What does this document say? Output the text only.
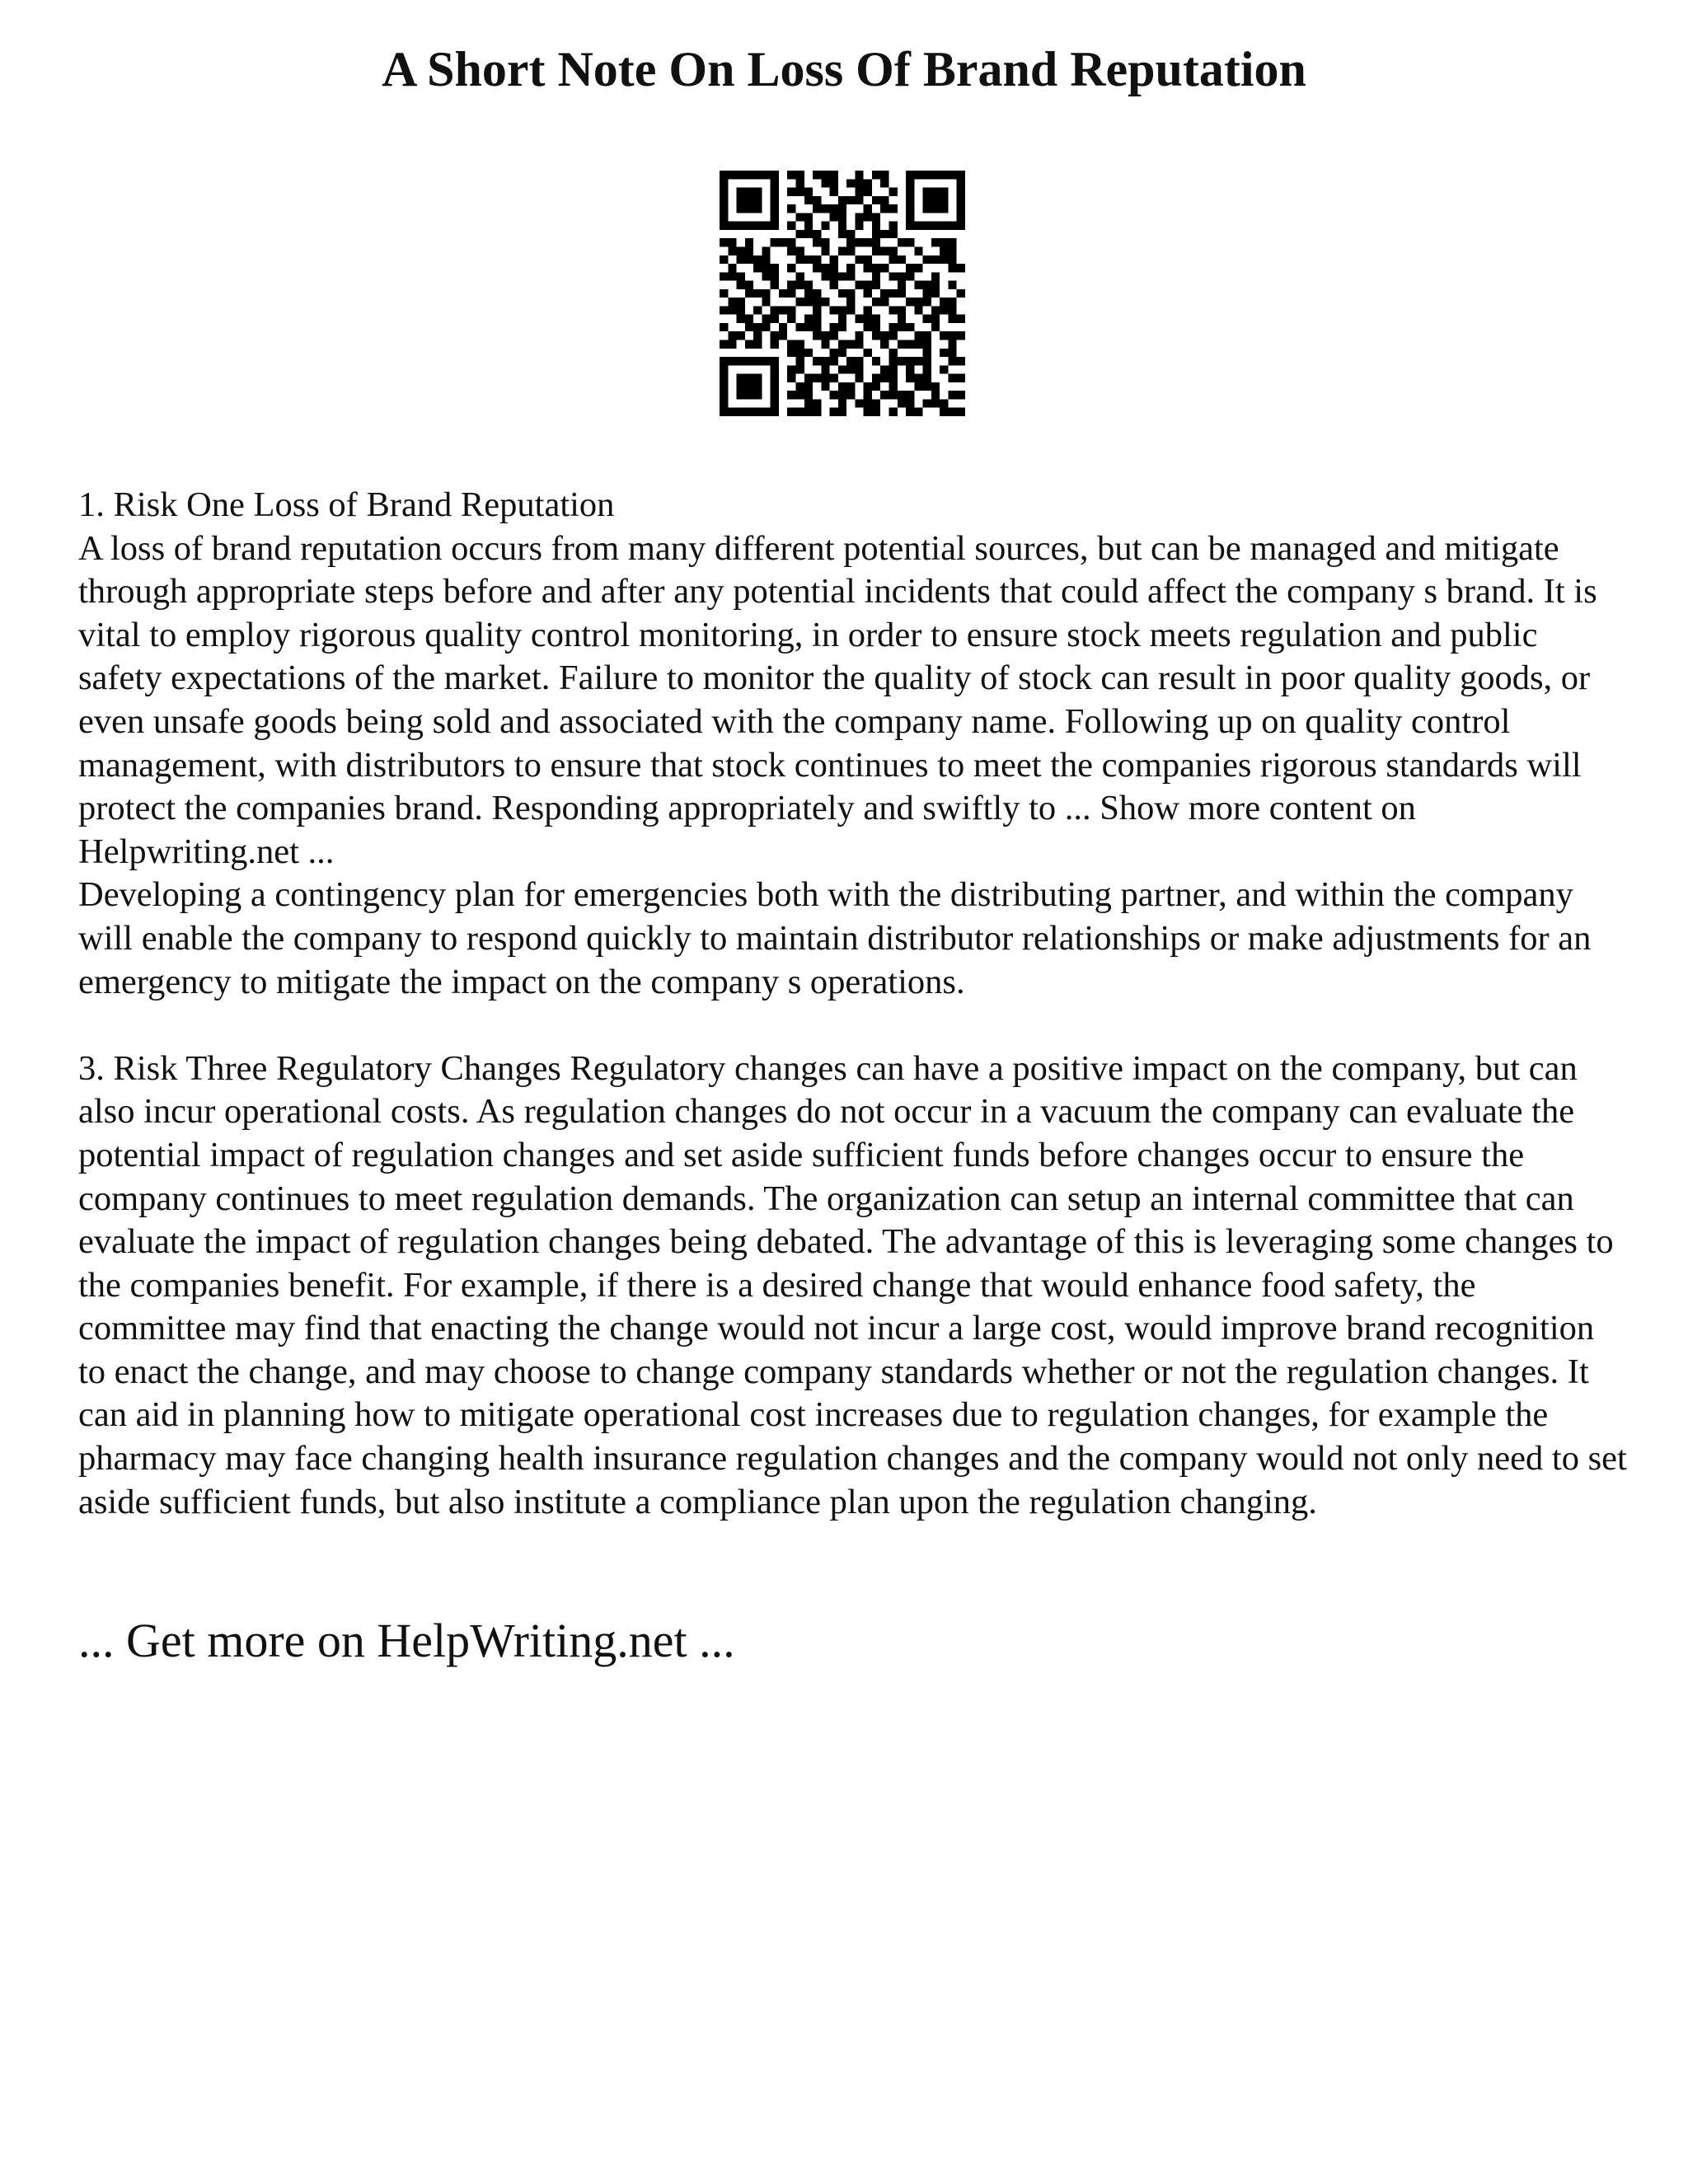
A Short Note On Loss Of Brand Reputation

1. Risk One Loss of Brand Reputation

A loss of brand reputation occurs from many different potential sources, but can be managed and mitigate through appropriate steps before and after any potential incidents that could affect the company s brand. It is vital to employ rigorous quality control monitoring, in order to ensure stock meets regulation and public safety expectations of the market. Failure to monitor the quality of stock can result in poor quality goods, or even unsafe goods being sold and associated with the company name. Following up on quality control management, with distributors to ensure that stock continues to meet the companies rigorous standards will protect the companies brand. Responding appropriately and swiftly to ... Show more content on Helpwriting.net ...

Developing a contingency plan for emergencies both with the distributing partner, and within the company will enable the company to respond quickly to maintain distributor relationships or make adjustments for an emergency to mitigate the impact on the company s operations.

3. Risk Three Regulatory Changes Regulatory changes can have a positive impact on the company, but can also incur operational costs. As regulation changes do not occur in a vacuum the company can evaluate the potential impact of regulation changes and set aside sufficient funds before changes occur to ensure the company continues to meet regulation demands. The organization can setup an internal committee that can evaluate the impact of regulation changes being debated. The advantage of this is leveraging some changes to the companies benefit. For example, if there is a desired change that would enhance food safety, the committee may find that enacting the change would not incur a large cost, would improve brand recognition to enact the change, and may choose to change company standards whether or not the regulation changes. It can aid in planning how to mitigate operational cost increases due to regulation changes, for example the pharmacy may face changing health insurance regulation changes and the company would not only need to set aside sufficient funds, but also institute a compliance plan upon the regulation changing.

... Get more on HelpWriting.net ...
